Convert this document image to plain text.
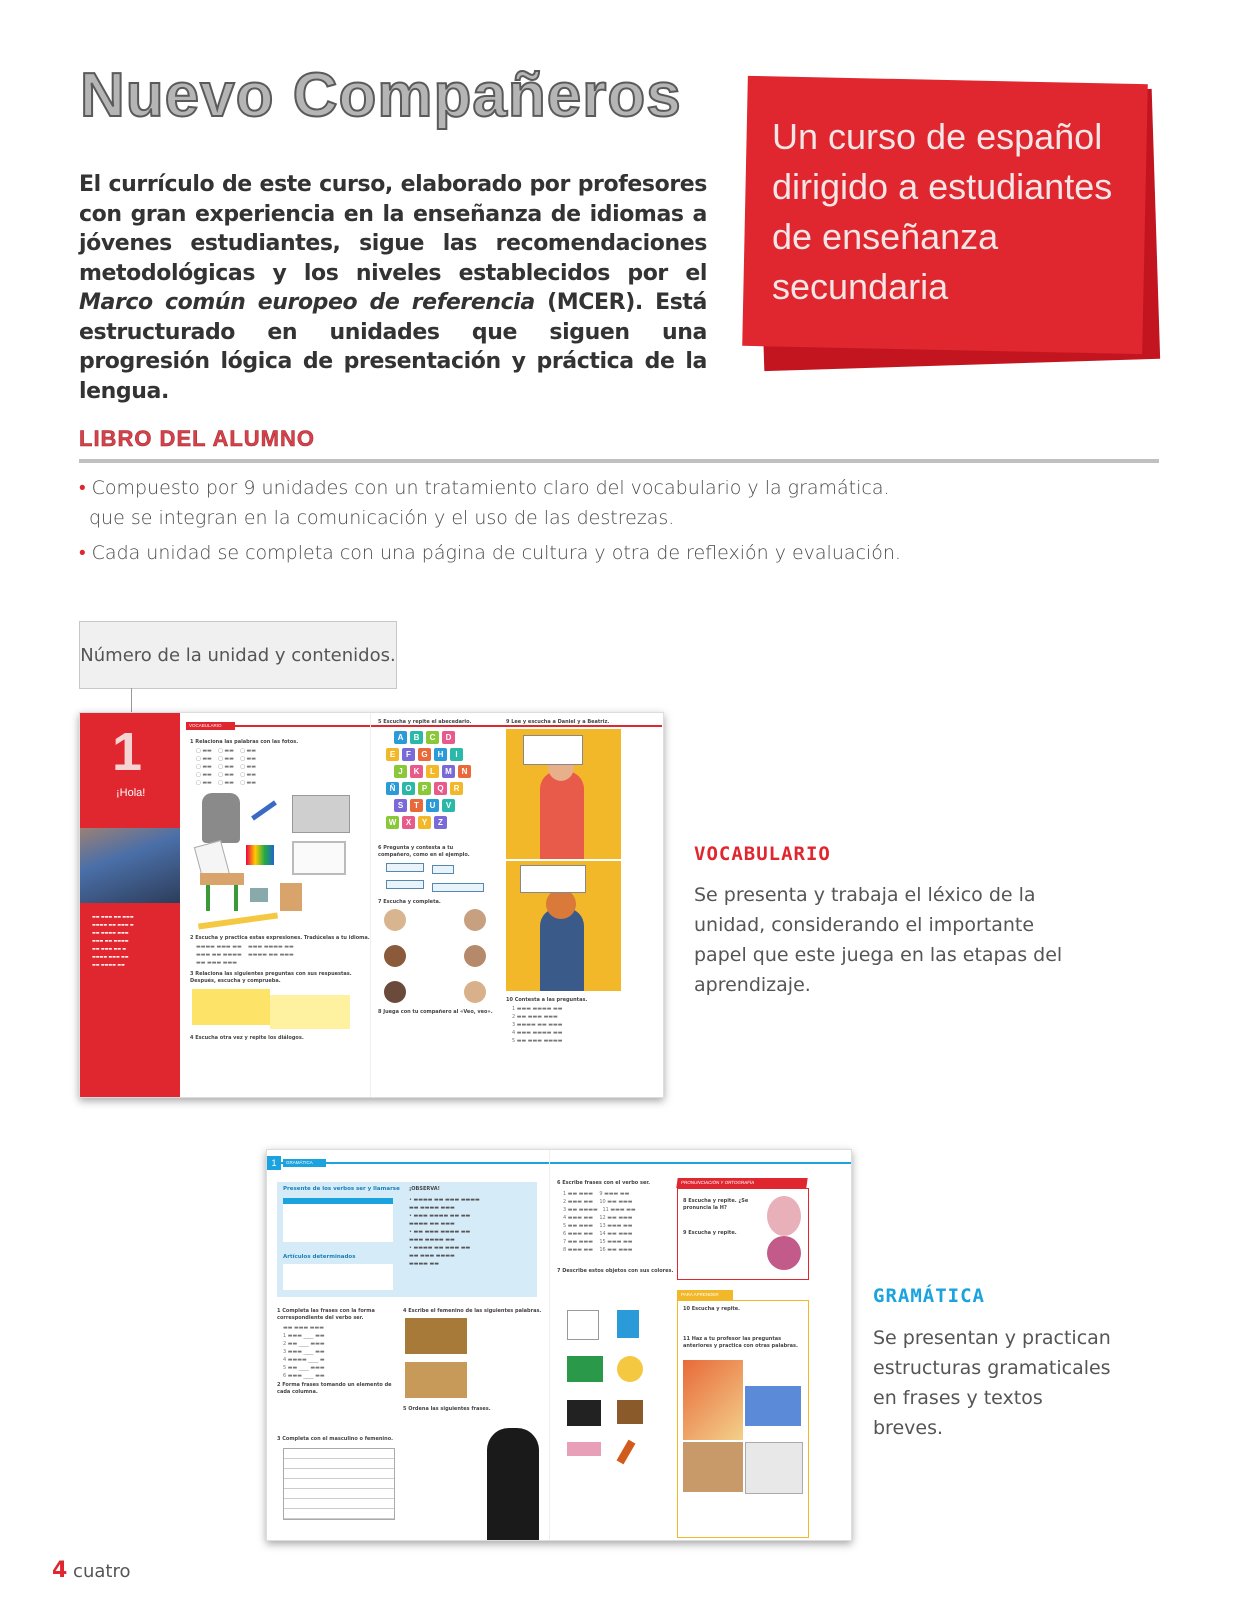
Nuevo Compañeros
El currículo de este curso, elaborado por profesores con gran experiencia en la enseñanza de idiomas a jóvenes estudiantes, sigue las recomendaciones metodológicas y los niveles establecidos por el Marco común europeo de referencia (MCER). Está estructurado en unidades que siguen una progresión lógica de presentación y práctica de la lengua.
Un curso de español dirigido a estudiantes de enseñanza secundaria
LIBRO DEL ALUMNO
• Compuesto por 9 unidades con un tratamiento claro del vocabulario y la gramática.
que se integran en la comunicación y el uso de las destrezas.
• Cada unidad se completa con una página de cultura y otra de reflexión y evaluación.
Número de la unidad y contenidos.
1
¡Hola!
▬▬ ▬▬▬ ▬▬ ▬▬▬
▬▬▬▬ ▬▬ ▬▬▬ ▬
▬▬ ▬▬▬▬ ▬▬▬
▬▬▬ ▬▬ ▬▬▬▬
▬▬ ▬▬▬ ▬▬ ▬
▬▬▬▬ ▬▬▬ ▬▬
▬▬ ▬▬▬▬ ▬▬
VOCABULARIO
1 Relaciona las palabras con las fotos.
▢ ▬▬    ▢ ▬▬    ▢ ▬▬
▢ ▬▬    ▢ ▬▬    ▢ ▬▬
▢ ▬▬    ▢ ▬▬    ▢ ▬▬
▢ ▬▬    ▢ ▬▬    ▢ ▬▬
▢ ▬▬    ▢ ▬▬    ▢ ▬▬
2 Escucha y practica estas expresiones. Tradúcelas a tu idioma.
▬▬▬▬ ▬▬▬ ▬▬    ▬▬▬ ▬▬▬▬ ▬▬
▬▬▬ ▬▬ ▬▬▬▬    ▬▬▬▬ ▬▬ ▬▬▬
▬▬ ▬▬▬ ▬▬▬
3 Relaciona las siguientes preguntas con sus respuestas. Después, escucha y comprueba.
4 Escucha otra vez y repite los diálogos.
5 Escucha y repite el abecedario.
A	B	C	D
E	F	G	H	I
J	K	L	M	N
Ñ	O	P	Q	R
S	T	U	V
W	X	Y	Z
6 Pregunta y contesta a tu compañero, como en el ejemplo.
7 Escucha y completa.
8 Juega con tu compañero al «Veo, veo».
9 Lee y escucha a Daniel y a Beatriz.
10 Contesta a las preguntas.
1 ▬▬▬ ▬▬▬▬ ▬▬
2 ▬▬ ▬▬▬ ▬▬▬
3 ▬▬▬▬ ▬▬ ▬▬▬
4 ▬▬▬ ▬▬▬▬ ▬▬
5 ▬▬ ▬▬▬ ▬▬▬▬
VOCABULARIO
Se presenta y trabaja el léxico de la unidad, considerando el importante papel que este juega en las etapas del aprendizaje.
1	GRAMÁTICA
Presente de los verbos ser y llamarse
Artículos determinados
¡OBSERVA!
• ▬▬▬▬ ▬▬ ▬▬▬ ▬▬▬▬
▬▬ ▬▬▬▬ ▬▬▬
• ▬▬▬ ▬▬▬▬ ▬▬ ▬▬
▬▬▬▬ ▬▬ ▬▬▬
• ▬▬ ▬▬▬ ▬▬▬▬ ▬▬
▬▬▬ ▬▬▬▬ ▬▬
• ▬▬▬▬ ▬▬ ▬▬▬ ▬▬
▬▬ ▬▬▬ ▬▬▬▬
▬▬▬▬ ▬▬
1 Completa las frases con la forma correspondiente del verbo ser.
▬▬ ▬▬▬ ▬▬▬
1 ▬▬▬ ____ ▬▬
2 ▬▬ ____ ▬▬▬
3 ▬▬▬ ____ ▬▬
4 ▬▬▬▬ ____ ▬
5 ▬▬ ____ ▬▬▬
6 ▬▬▬ ____ ▬▬
2 Forma frases tomando un elemento de cada columna.
3 Completa con el masculino o femenino.
4 Escribe el femenino de las siguientes palabras.
5 Ordena las siguientes frases.
6 Escribe frases con el verbo ser.
1 ▬▬ ▬▬▬    9 ▬▬▬ ▬▬
2 ▬▬▬ ▬▬    10 ▬▬ ▬▬▬
3 ▬▬ ▬▬▬▬   11 ▬▬▬ ▬▬
4 ▬▬▬ ▬▬    12 ▬▬ ▬▬▬
5 ▬▬ ▬▬▬    13 ▬▬▬ ▬▬
6 ▬▬▬ ▬▬    14 ▬▬ ▬▬▬
7 ▬▬ ▬▬▬    15 ▬▬▬ ▬▬
8 ▬▬▬ ▬▬    16 ▬▬ ▬▬▬
7 Describe estos objetos con sus colores.
PRONUNCIACIÓN Y ORTOGRAFÍA
8 Escucha y repite. ¿Se pronuncia la H?
9 Escucha y repite.
PARA APRENDER
10 Escucha y repite.
11 Haz a tu profesor las preguntas anteriores y practica con otras palabras.
GRAMÁTICA
Se presentan y practican estructuras gramaticales en frases y textos breves.
4 cuatro
